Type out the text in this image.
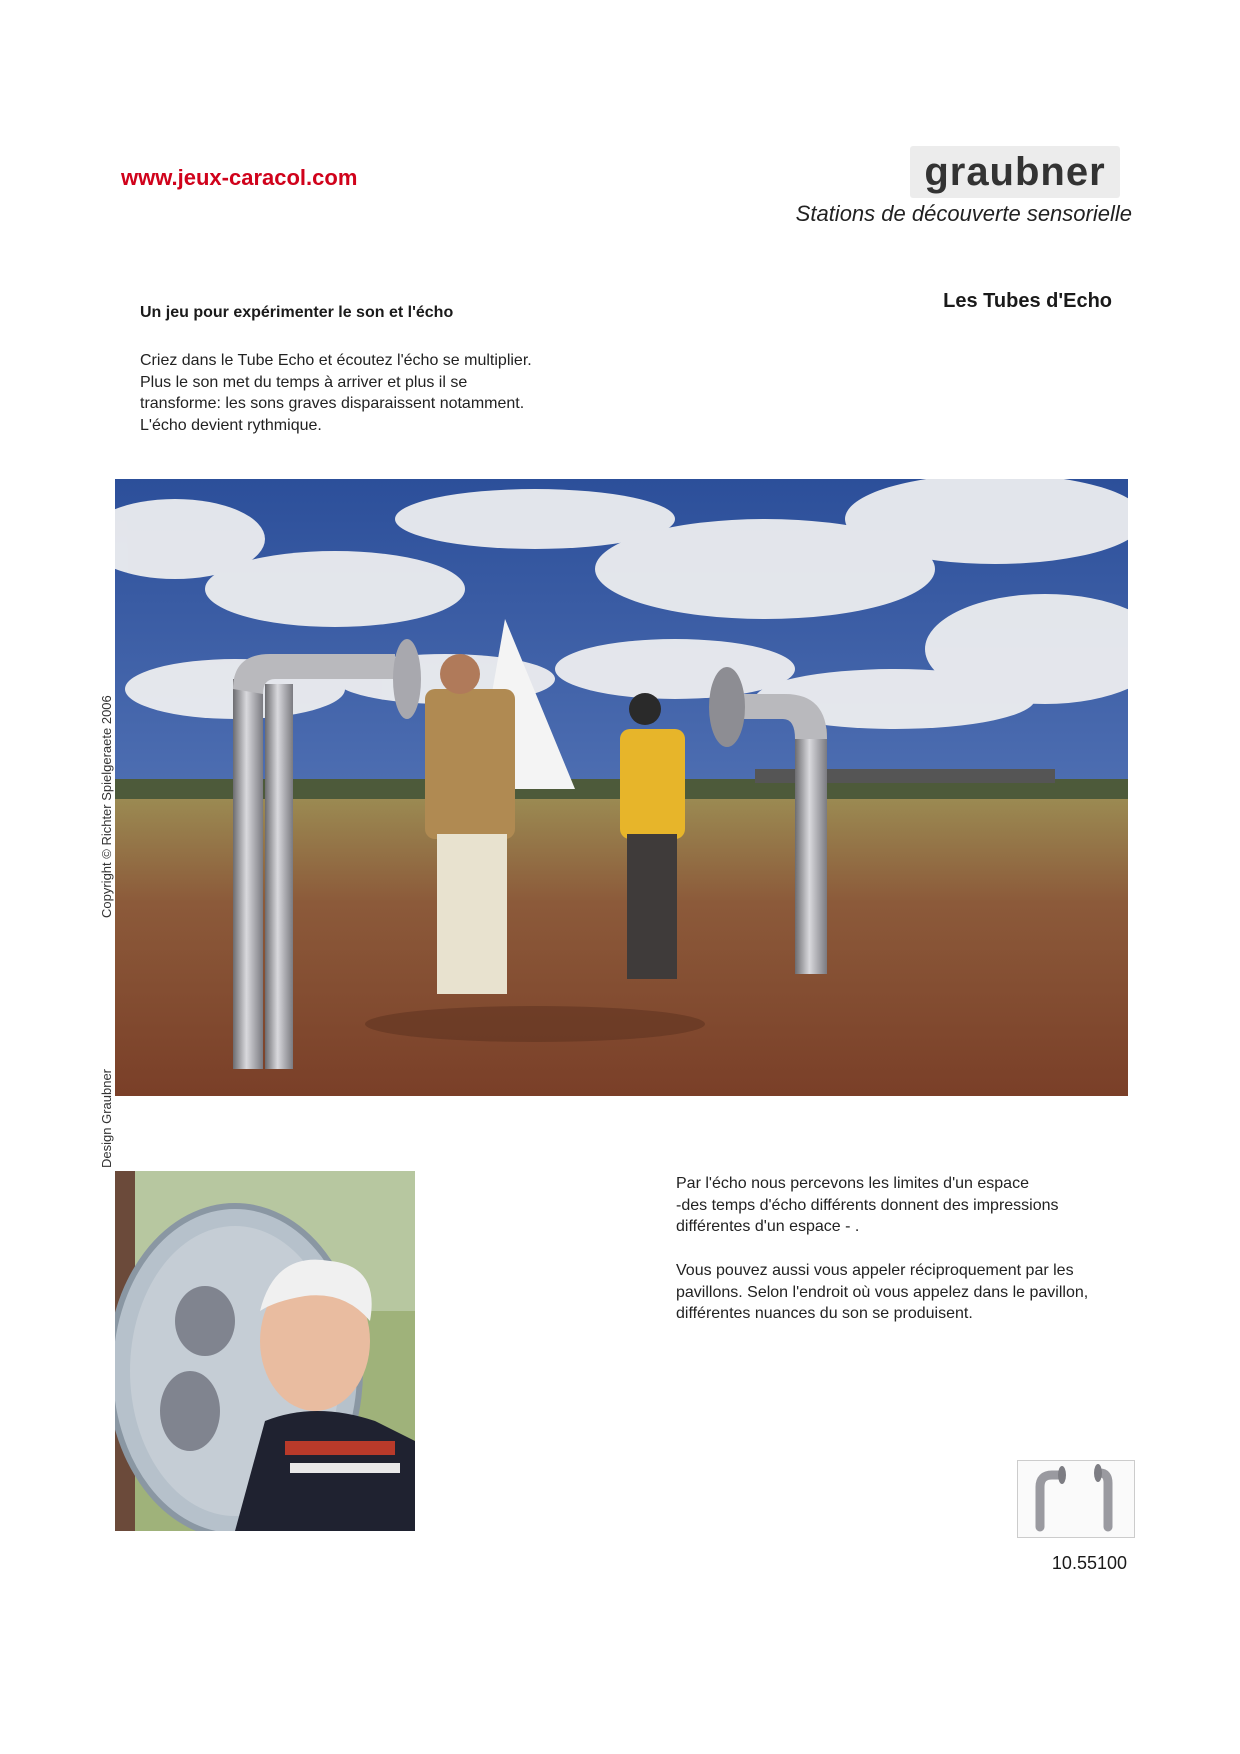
www.jeux-caracol.com	graubner
Stations de découverte sensorielle
Les Tubes d'Echo
Un jeu pour expérimenter le son et l'écho

Criez dans le Tube Echo et écoutez l'écho se multiplier.

Plus le son met du temps à arriver et plus il se

transforme: les sons graves disparaissent notamment.

L'écho devient rythmique.

Copyright © Richter Spielgeraete 2006
Design Graubner

Par l'écho nous percevons les limites d'un espace

-des temps d'écho différents donnent des impressions

différentes d'un espace - .

Vous pouvez aussi vous appeler réciproquement par les

pavillons. Selon l'endroit où vous appelez dans le pavillon,

différentes nuances du son se produisent.

10.55100
